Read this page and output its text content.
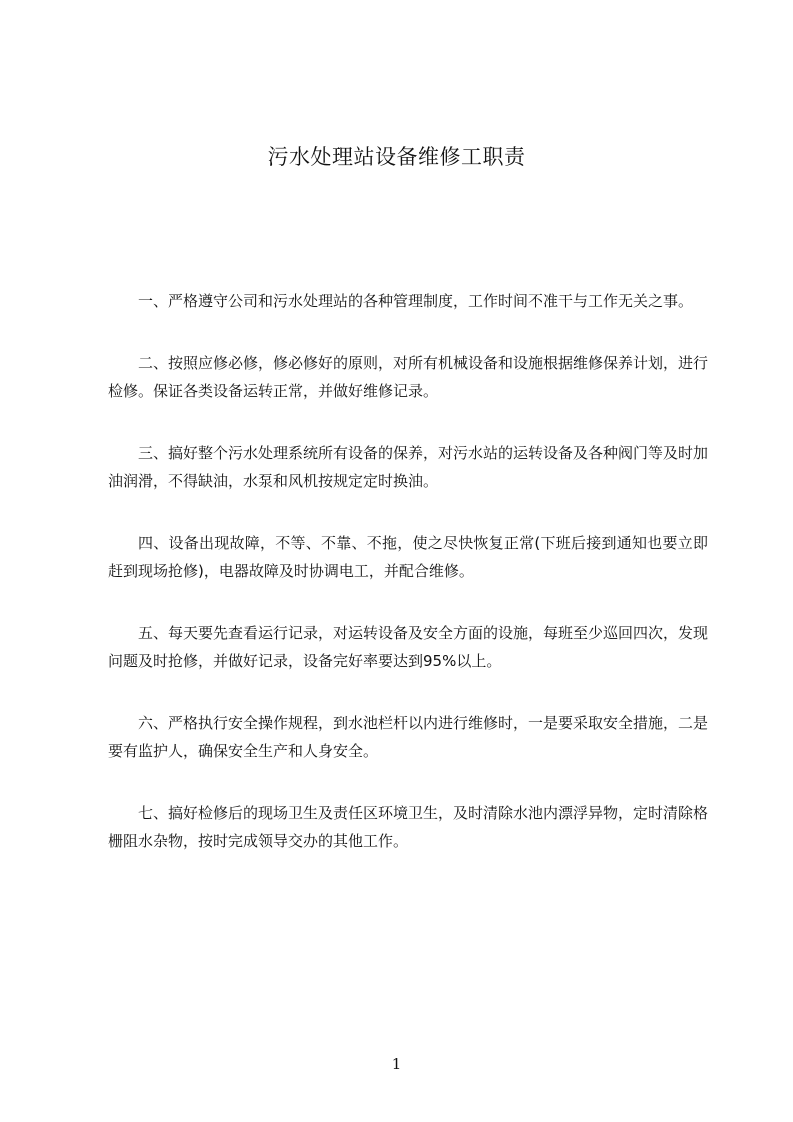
污水处理站设备维修工职责

一、严格遵守公司和污水处理站的各种管理制度，工作时间不准干与工作无关之事。

二、按照应修必修，修必修好的原则，对所有机械设备和设施根据维修保养计划，进行检修。保证各类设备运转正常，并做好维修记录。

三、搞好整个污水处理系统所有设备的保养，对污水站的运转设备及各种阀门等及时加油润滑，不得缺油，水泵和风机按规定定时换油。

四、设备出现故障，不等、不靠、不拖，使之尽快恢复正常(下班后接到通知也要立即赶到现场抢修)，电器故障及时协调电工，并配合维修。

五、每天要先查看运行记录，对运转设备及安全方面的设施，每班至少巡回四次，发现问题及时抢修，并做好记录，设备完好率要达到95%以上。

六、严格执行安全操作规程，到水池栏杆以内进行维修时，一是要采取安全措施，二是要有监护人，确保安全生产和人身安全。

七、搞好检修后的现场卫生及责任区环境卫生，及时清除水池内漂浮异物，定时清除格栅阻水杂物，按时完成领导交办的其他工作。

1
